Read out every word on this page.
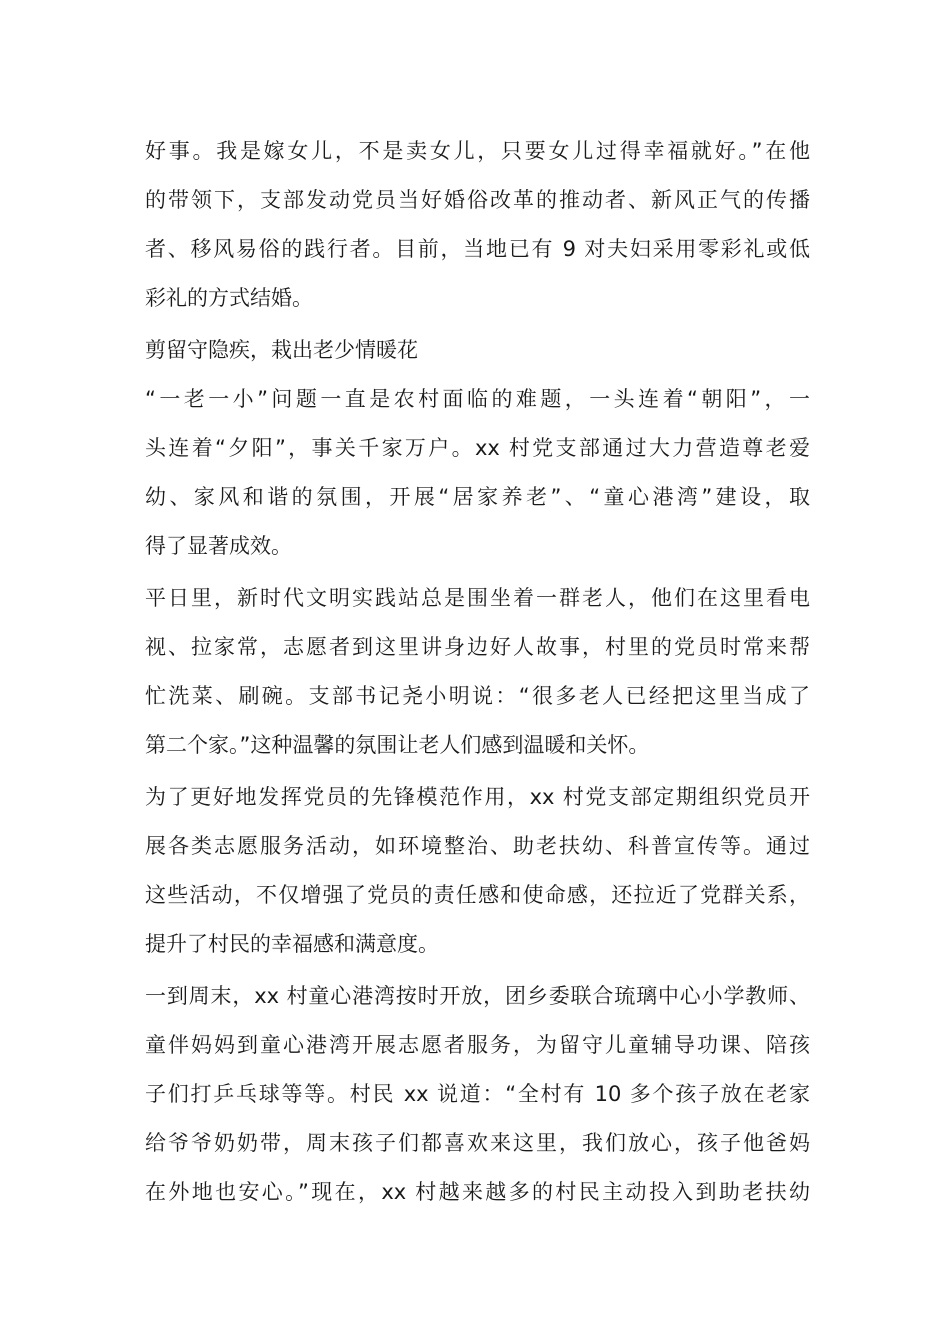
好事。我是嫁女儿，不是卖女儿，只要女儿过得幸福就好。”在他
的带领下，支部发动党员当好婚俗改革的推动者、新风正气的传播
者、移风易俗的践行者。目前，当地已有 9 对夫妇采用零彩礼或低
彩礼的方式结婚。
剪留守隐疾，栽出老少情暖花
“一老一小”问题一直是农村面临的难题，一头连着“朝阳”，一
头连着“夕阳”，事关千家万户。xx 村党支部通过大力营造尊老爱
幼、家风和谐的氛围，开展“居家养老”、“童心港湾”建设，取
得了显著成效。
平日里，新时代文明实践站总是围坐着一群老人，他们在这里看电
视、拉家常，志愿者到这里讲身边好人故事，村里的党员时常来帮
忙洗菜、刷碗。支部书记尧小明说：“很多老人已经把这里当成了
第二个家。”这种温馨的氛围让老人们感到温暖和关怀。
为了更好地发挥党员的先锋模范作用，xx 村党支部定期组织党员开
展各类志愿服务活动，如环境整治、助老扶幼、科普宣传等。通过
这些活动，不仅增强了党员的责任感和使命感，还拉近了党群关系，
提升了村民的幸福感和满意度。
一到周末，xx 村童心港湾按时开放，团乡委联合琉璃中心小学教师、
童伴妈妈到童心港湾开展志愿者服务，为留守儿童辅导功课、陪孩
子们打乒乓球等等。村民 xx 说道：“全村有 10 多个孩子放在老家
给爷爷奶奶带，周末孩子们都喜欢来这里，我们放心，孩子他爸妈
在外地也安心。”现在，xx 村越来越多的村民主动投入到助老扶幼
